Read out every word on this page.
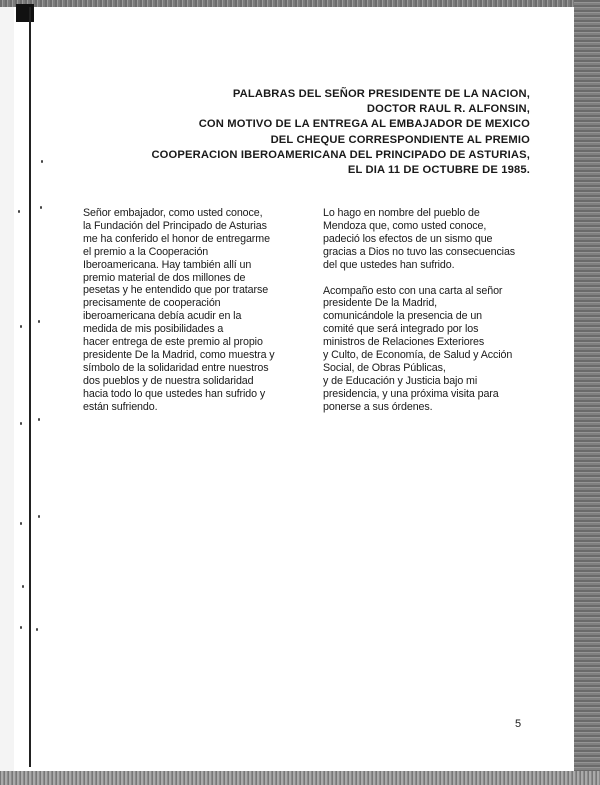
PALABRAS DEL SEÑOR PRESIDENTE DE LA NACION,
DOCTOR RAUL R. ALFONSIN,
CON MOTIVO DE LA ENTREGA AL EMBAJADOR DE MEXICO
DEL CHEQUE CORRESPONDIENTE AL PREMIO
COOPERACION IBEROAMERICANA DEL PRINCIPADO DE ASTURIAS,
EL DIA 11 DE OCTUBRE DE 1985.

Señor embajador, como usted conoce,
la Fundación del Principado de Asturias
me ha conferido el honor de entregarme
el premio a la Cooperación
Iberoamericana. Hay también allí un
premio material de dos millones de
pesetas y he entendido que por tratarse
precisamente de cooperación
iberoamericana debía acudir en la
medida de mis posibilidades a
hacer entrega de este premio al propio
presidente De la Madrid, como muestra y
símbolo de la solidaridad entre nuestros
dos pueblos y de nuestra solidaridad
hacia todo lo que ustedes han sufrido y
están sufriendo.

Lo hago en nombre del pueblo de
Mendoza que, como usted conoce,
padeció los efectos de un sismo que
gracias a Dios no tuvo las consecuencias
del que ustedes han sufrido.

Acompaño esto con una carta al señor
presidente De la Madrid,
comunicándole la presencia de un
comité que será integrado por los
ministros de Relaciones Exteriores
y Culto, de Economía, de Salud y Acción
Social, de Obras Públicas,
y de Educación y Justicia bajo mi
presidencia, y una próxima visita para
ponerse a sus órdenes.

5
